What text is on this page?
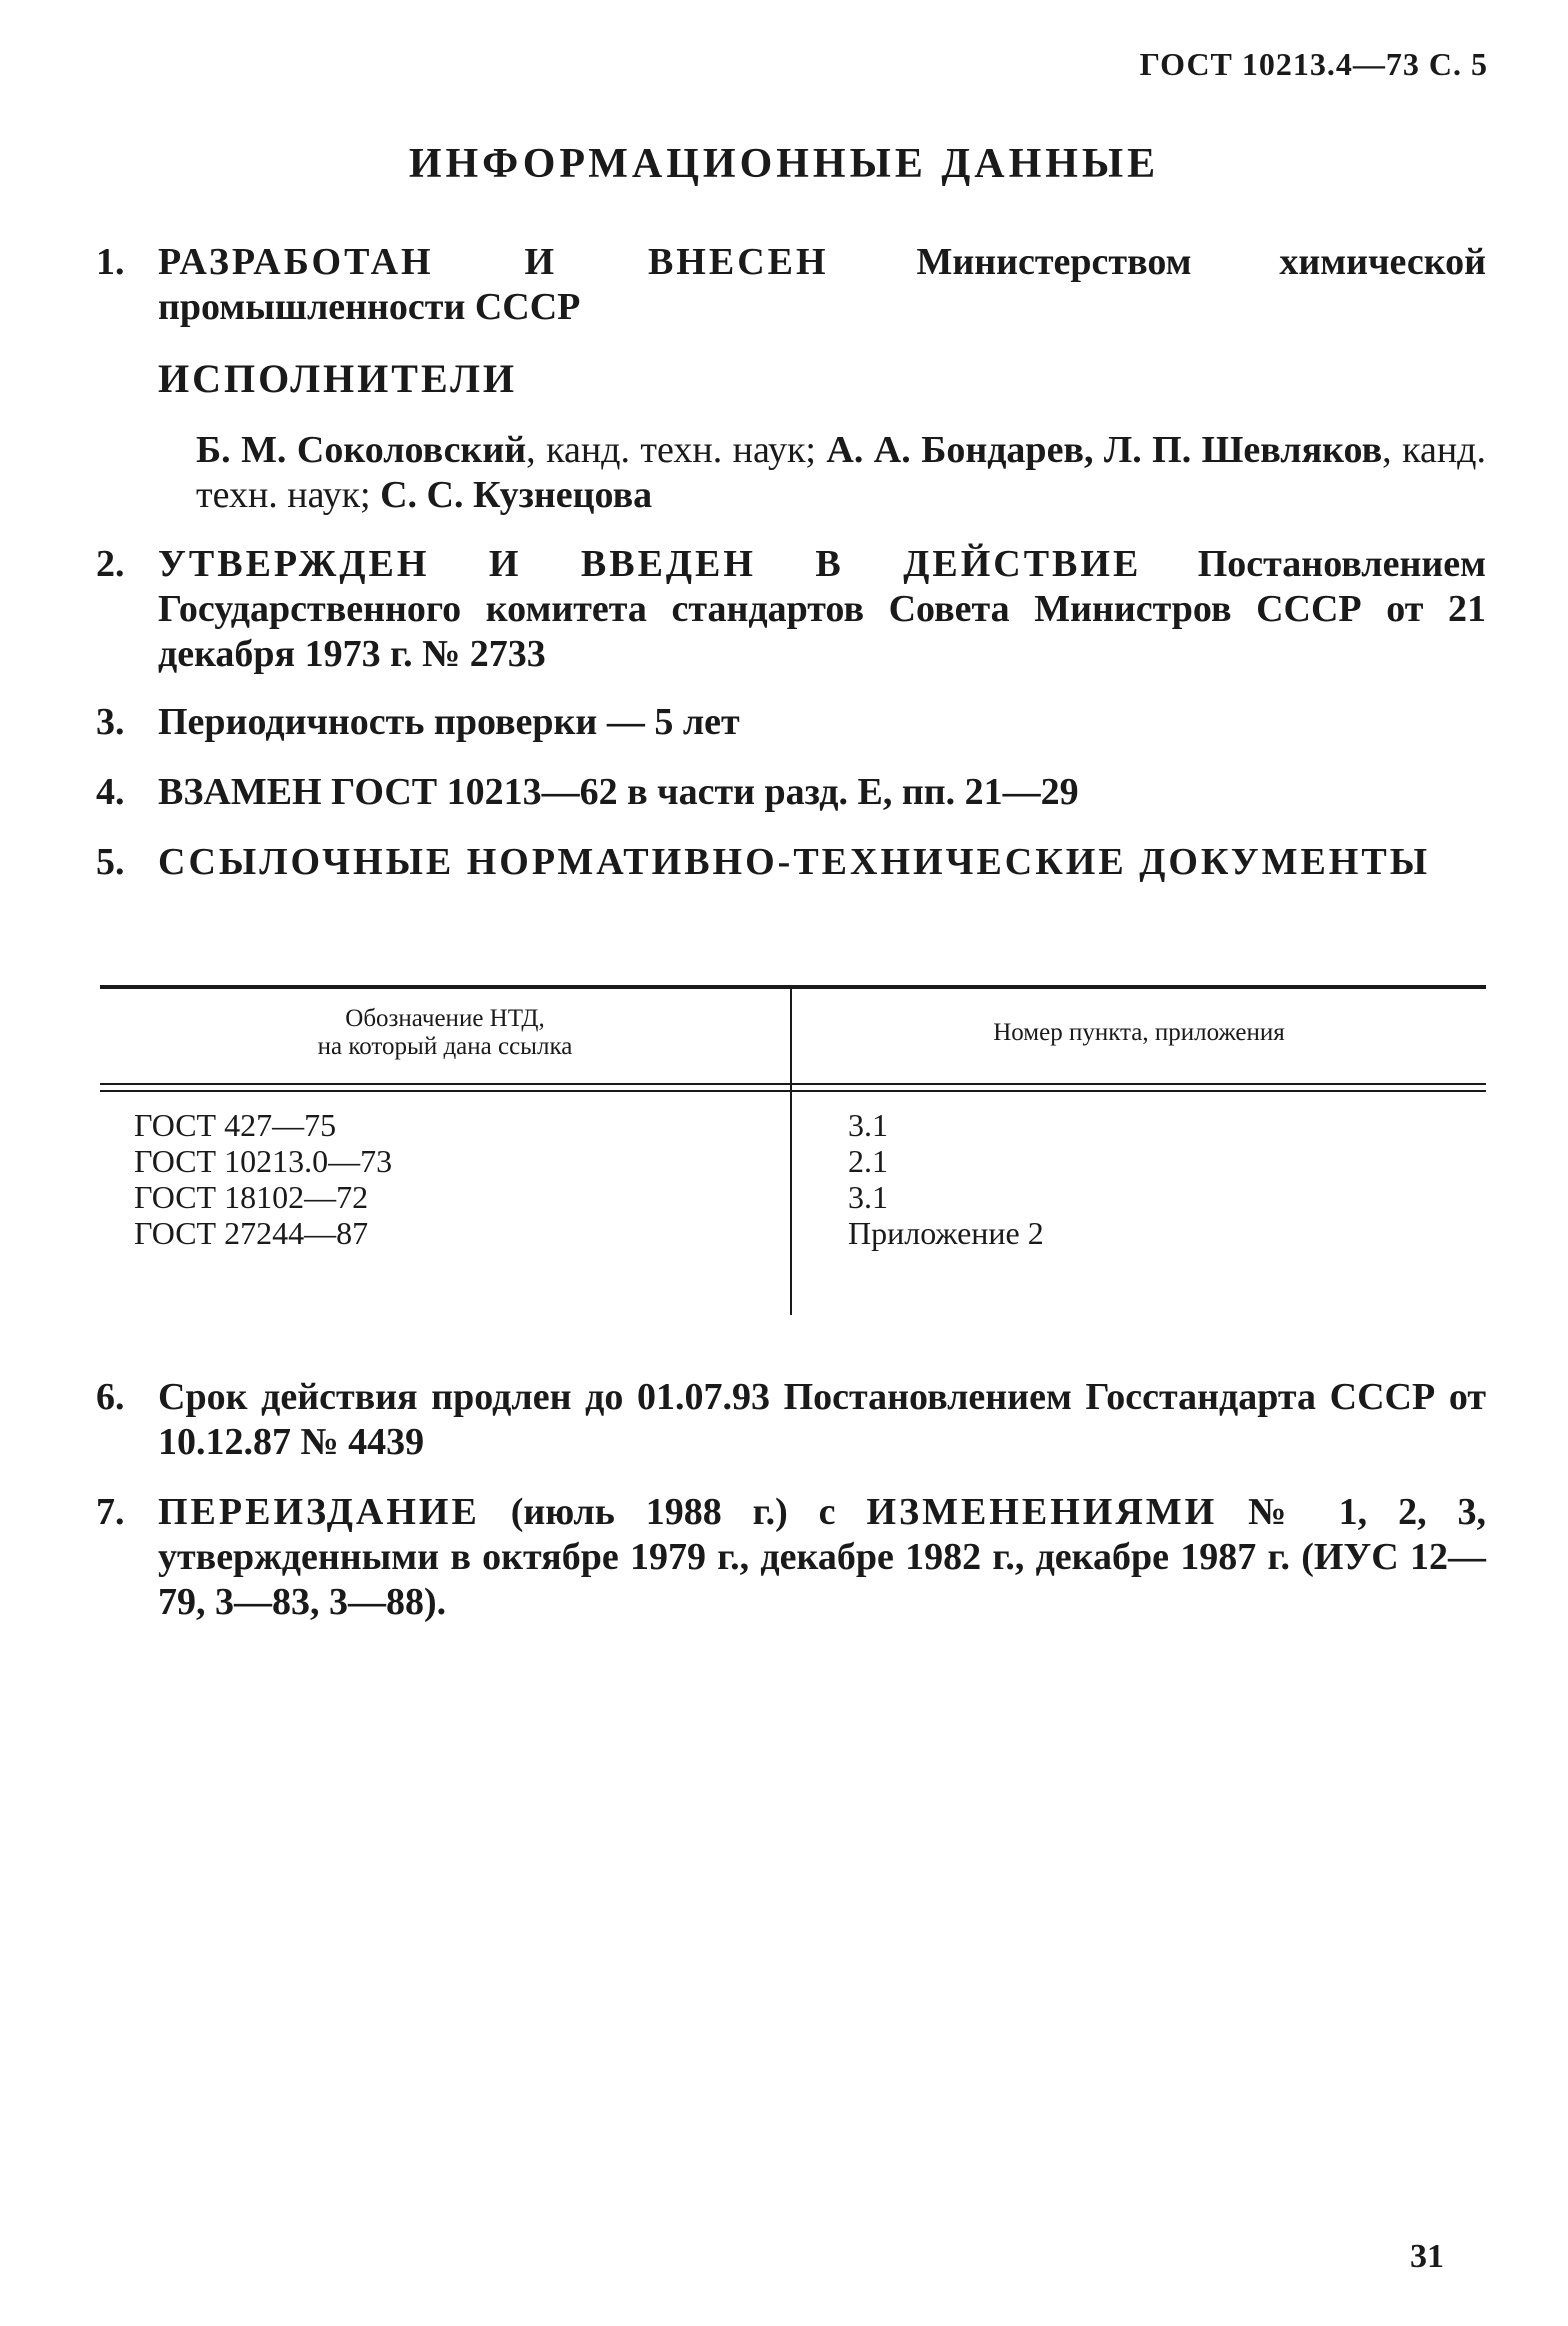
ГОСТ 10213.4—73 С. 5
ИНФОРМАЦИОННЫЕ ДАННЫЕ
1. РАЗРАБОТАН И ВНЕСЕН Министерством химической промышленности СССР
ИСПОЛНИТЕЛИ
Б. М. Соколовский, канд. техн. наук; А. А. Бондарев, Л. П. Шевляков, канд. техн. наук; С. С. Кузнецова
2. УТВЕРЖДЕН И ВВЕДЕН В ДЕЙСТВИЕ Постановлением Государственного комитета стандартов Совета Министров СССР от 21 декабря 1973 г. № 2733
3. Периодичность проверки — 5 лет
4. ВЗАМЕН ГОСТ 10213—62 в части разд. Е, пп. 21—29
5. ССЫЛОЧНЫЕ НОРМАТИВНО-ТЕХНИЧЕСКИЕ ДОКУМЕНТЫ
Обозначение НТД,
на который дана ссылка
Номер пункта, приложения
ГОСТ 427—75
ГОСТ 10213.0—73
ГОСТ 18102—72
ГОСТ 27244—87
3.1
2.1
3.1
Приложение 2
6. Срок действия продлен до 01.07.93 Постановлением Госстандарта СССР от 10.12.87 № 4439
7. ПЕРЕИЗДАНИЕ (июль 1988 г.) с ИЗМЕНЕНИЯМИ № 1, 2, 3, утвержденными в октябре 1979 г., декабре 1982 г., декабре 1987 г. (ИУС 12—79, 3—83, 3—88).
31
